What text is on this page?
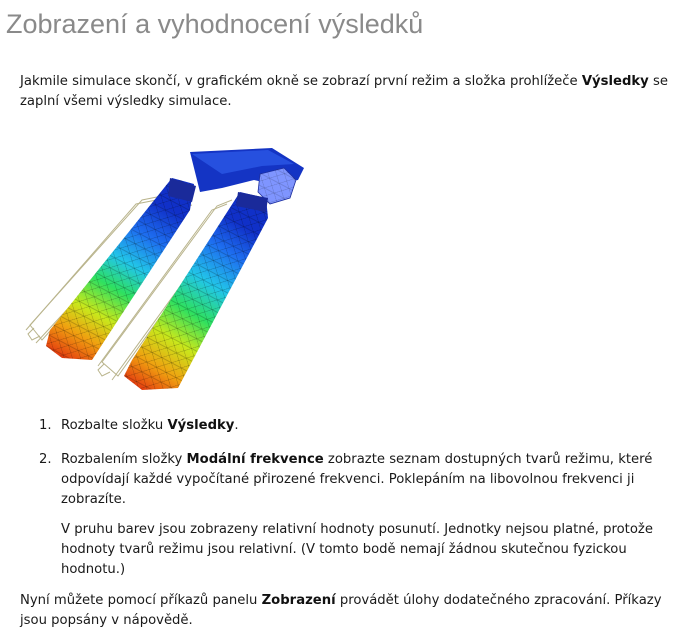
Zobrazení a vyhodnocení výsledků

Jakmile simulace skončí, v grafickém okně se zobrazí první režim a složka prohlížeče Výsledky se zaplní všemi výsledky simulace.

1. Rozbalte složku Výsledky.
2. Rozbalením složky Modální frekvence zobrazte seznam dostupných tvarů režimu, které odpovídají každé vypočítané přirozené frekvenci. Poklepáním na libovolnou frekvenci ji zobrazíte.

V pruhu barev jsou zobrazeny relativní hodnoty posunutí. Jednotky nejsou platné, protože hodnoty tvarů režimu jsou relativní. (V tomto bodě nemají žádnou skutečnou fyzickou hodnotu.)

Nyní můžete pomocí příkazů panelu Zobrazení provádět úlohy dodatečného zpracování. Příkazy jsou popsány v nápovědě.
